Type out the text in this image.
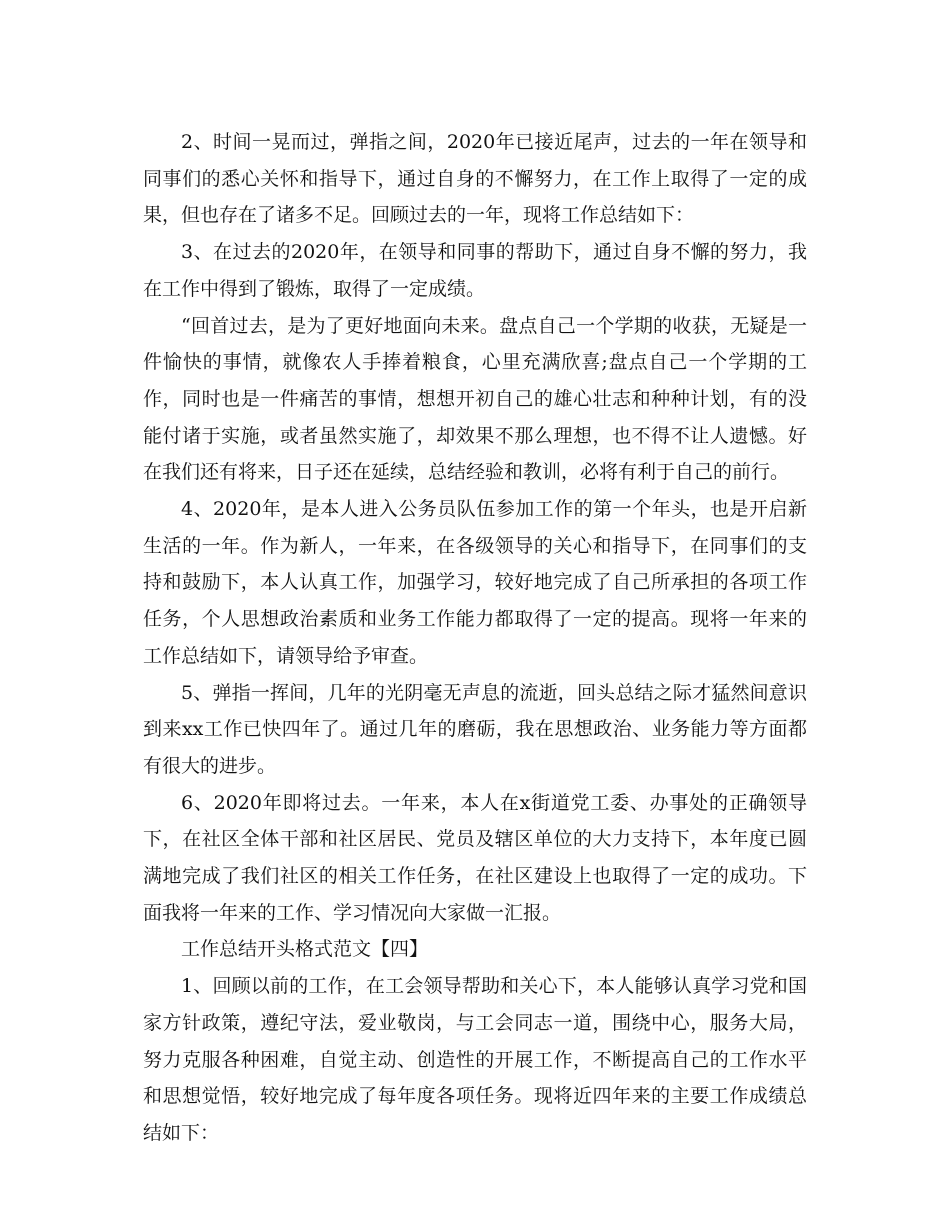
2、时间一晃而过，弹指之间，2020年已接近尾声，过去的一年在领导和同事们的悉心关怀和指导下，通过自身的不懈努力，在工作上取得了一定的成果，但也存在了诸多不足。回顾过去的一年，现将工作总结如下：

3、在过去的2020年，在领导和同事的帮助下，通过自身不懈的努力，我在工作中得到了锻炼，取得了一定成绩。

“回首过去，是为了更好地面向未来。盘点自己一个学期的收获，无疑是一件愉快的事情，就像农人手捧着粮食，心里充满欣喜;盘点自己一个学期的工作，同时也是一件痛苦的事情，想想开初自己的雄心壮志和种种计划，有的没能付诸于实施，或者虽然实施了，却效果不那么理想，也不得不让人遗憾。好在我们还有将来，日子还在延续，总结经验和教训，必将有利于自己的前行。

4、2020年，是本人进入公务员队伍参加工作的第一个年头，也是开启新生活的一年。作为新人，一年来，在各级领导的关心和指导下，在同事们的支持和鼓励下，本人认真工作，加强学习，较好地完成了自己所承担的各项工作任务，个人思想政治素质和业务工作能力都取得了一定的提高。现将一年来的工作总结如下，请领导给予审查。

5、弹指一挥间，几年的光阴毫无声息的流逝，回头总结之际才猛然间意识到来xx工作已快四年了。通过几年的磨砺，我在思想政治、业务能力等方面都有很大的进步。

6、2020年即将过去。一年来，本人在x街道党工委、办事处的正确领导下，在社区全体干部和社区居民、党员及辖区单位的大力支持下，本年度已圆满地完成了我们社区的相关工作任务，在社区建设上也取得了一定的成功。下面我将一年来的工作、学习情况向大家做一汇报。

工作总结开头格式范文【四】

1、回顾以前的工作，在工会领导帮助和关心下，本人能够认真学习党和国家方针政策，遵纪守法，爱业敬岗，与工会同志一道，围绕中心，服务大局，努力克服各种困难，自觉主动、创造性的开展工作，不断提高自己的工作水平和思想觉悟，较好地完成了每年度各项任务。现将近四年来的主要工作成绩总结如下：
